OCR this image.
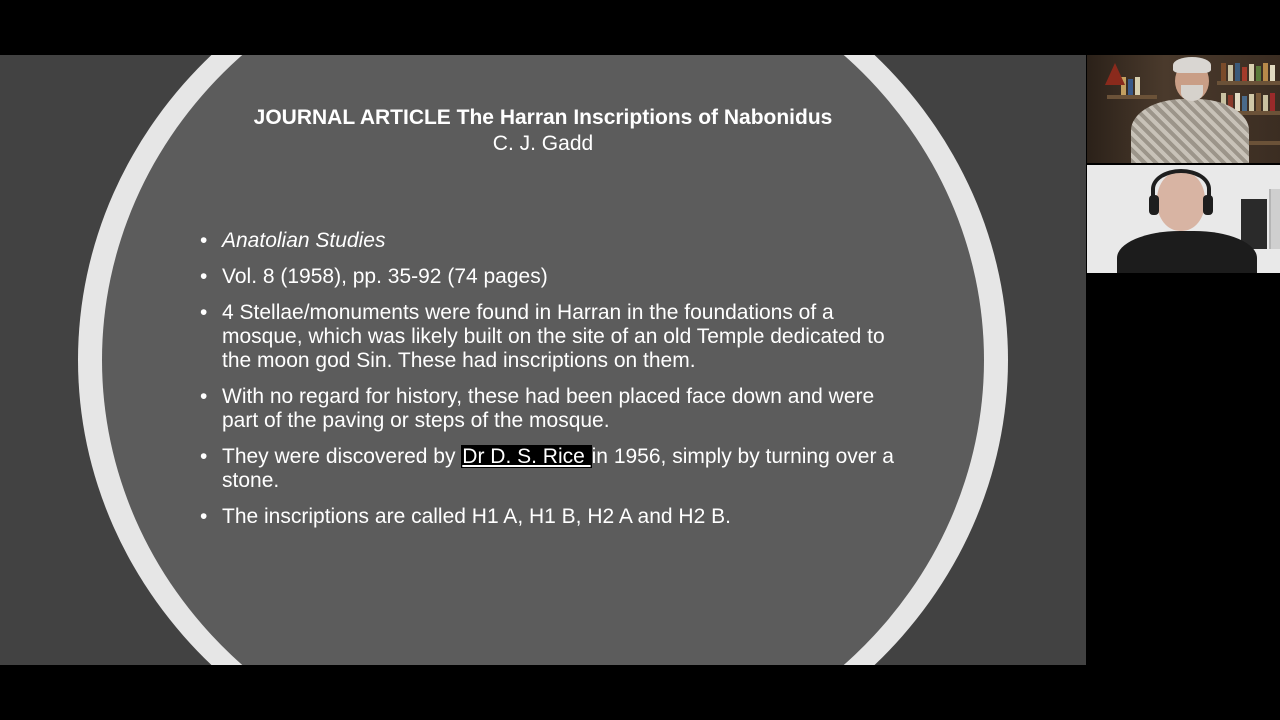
JOURNAL ARTICLE The Harran Inscriptions of Nabonidus
C. J. Gadd
• Anatolian Studies
• Vol. 8 (1958), pp. 35-92 (74 pages)
• 4 Stellae/monuments were found in Harran in the foundations of a mosque, which was likely built on the site of an old Temple dedicated to the moon god Sin. These had inscriptions on them.
• With no regard for history, these had been placed face down and were part of the paving or steps of the mosque.
• They were discovered by Dr D. S. Rice in 1956, simply by turning over a stone.
• The inscriptions are called H1 A, H1 B, H2 A and H2 B.
